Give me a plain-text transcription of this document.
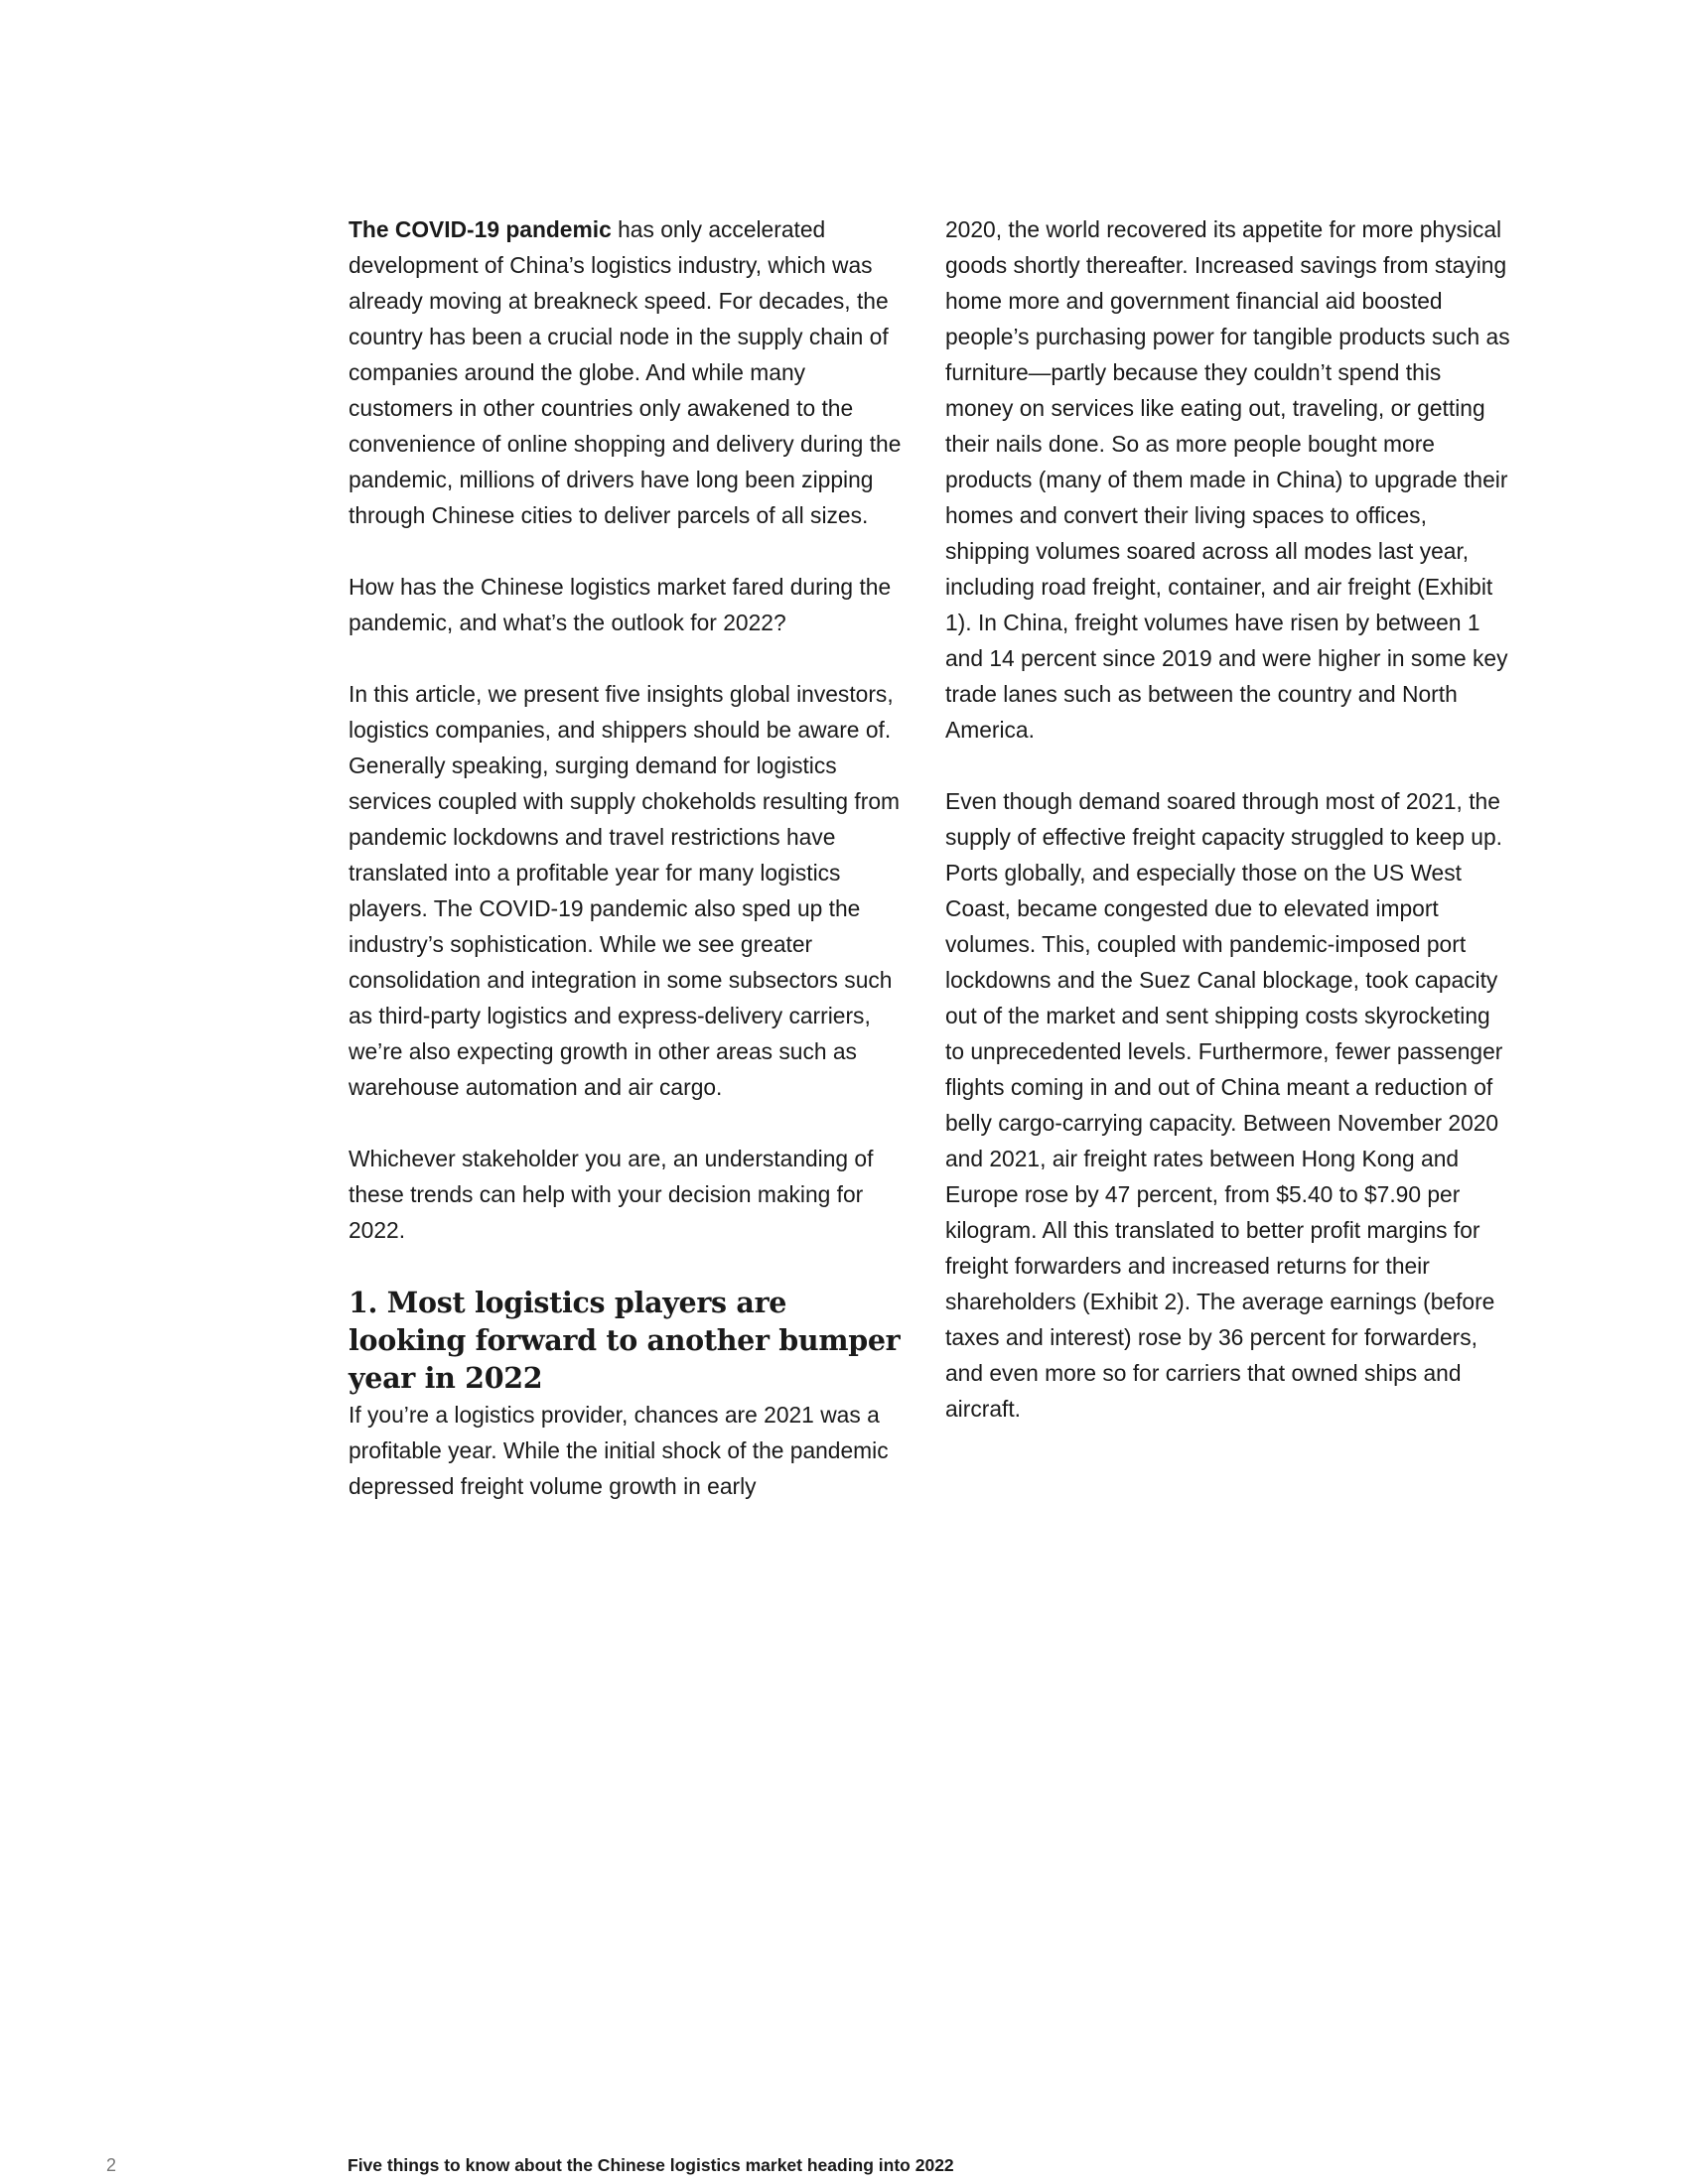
The COVID-19 pandemic has only accelerated development of China’s logistics industry, which was already moving at breakneck speed. For decades, the country has been a crucial node in the supply chain of companies around the globe. And while many customers in other countries only awakened to the convenience of online shopping and delivery during the pandemic, millions of drivers have long been zipping through Chinese cities to deliver parcels of all sizes.

How has the Chinese logistics market fared during the pandemic, and what’s the outlook for 2022?

In this article, we present five insights global investors, logistics companies, and shippers should be aware of. Generally speaking, surging demand for logistics services coupled with supply chokeholds resulting from pandemic lockdowns and travel restrictions have translated into a profitable year for many logistics players. The COVID-19 pandemic also sped up the industry’s sophistication. While we see greater consolidation and integration in some subsectors such as third-party logistics and express-delivery carriers, we’re also expecting growth in other areas such as warehouse automation and air cargo.

Whichever stakeholder you are, an understanding of these trends can help with your decision making for 2022.

1. Most logistics players are looking forward to another bumper year in 2022

If you’re a logistics provider, chances are 2021 was a profitable year. While the initial shock of the pandemic depressed freight volume growth in early

2020, the world recovered its appetite for more physical goods shortly thereafter. Increased savings from staying home more and government financial aid boosted people’s purchasing power for tangible products such as furniture—partly because they couldn’t spend this money on services like eating out, traveling, or getting their nails done. So as more people bought more products (many of them made in China) to upgrade their homes and convert their living spaces to offices, shipping volumes soared across all modes last year, including road freight, container, and air freight (Exhibit 1). In China, freight volumes have risen by between 1 and 14 percent since 2019 and were higher in some key trade lanes such as between the country and North America.

Even though demand soared through most of 2021, the supply of effective freight capacity struggled to keep up. Ports globally, and especially those on the US West Coast, became congested due to elevated import volumes. This, coupled with pandemic-imposed port lockdowns and the Suez Canal blockage, took capacity out of the market and sent shipping costs skyrocketing to unprecedented levels. Furthermore, fewer passenger flights coming in and out of China meant a reduction of belly cargo-carrying capacity. Between November 2020 and 2021, air freight rates between Hong Kong and Europe rose by 47 percent, from $5.40 to $7.90 per kilogram. All this translated to better profit margins for freight forwarders and increased returns for their shareholders (Exhibit 2). The average earnings (before taxes and interest) rose by 36 percent for forwarders, and even more so for carriers that owned ships and aircraft.

2	Five things to know about the Chinese logistics market heading into 2022
